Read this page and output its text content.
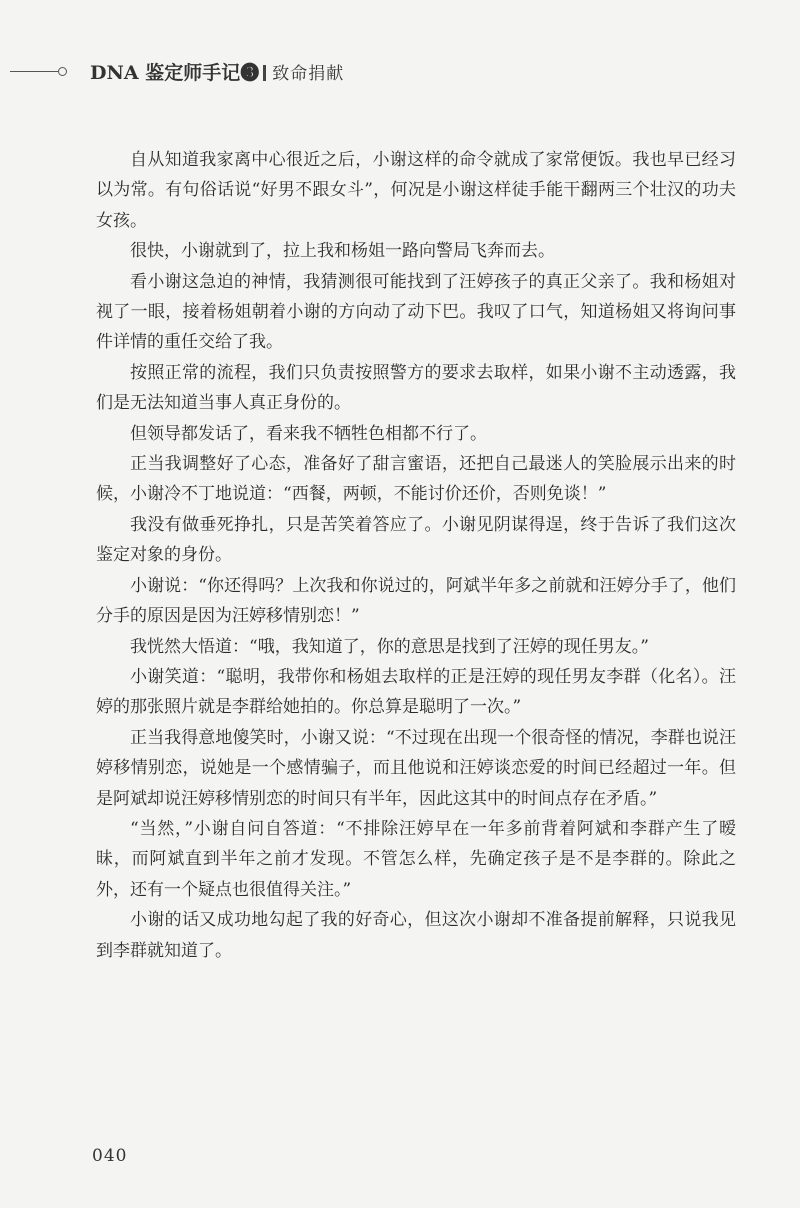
DNA 鉴定师手记❸ 致命捐献

自从知道我家离中心很近之后，小谢这样的命令就成了家常便饭。我也早已经习以为常。有句俗话说“好男不跟女斗”，何况是小谢这样徒手能干翻两三个壮汉的功夫女孩。

很快，小谢就到了，拉上我和杨姐一路向警局飞奔而去。

看小谢这急迫的神情，我猜测很可能找到了汪婷孩子的真正父亲了。我和杨姐对视了一眼，接着杨姐朝着小谢的方向动了动下巴。我叹了口气，知道杨姐又将询问事件详情的重任交给了我。

按照正常的流程，我们只负责按照警方的要求去取样，如果小谢不主动透露，我们是无法知道当事人真正身份的。

但领导都发话了，看来我不牺牲色相都不行了。

正当我调整好了心态，准备好了甜言蜜语，还把自己最迷人的笑脸展示出来的时候，小谢冷不丁地说道：“西餐，两顿，不能讨价还价，否则免谈！”

我没有做垂死挣扎，只是苦笑着答应了。小谢见阴谋得逞，终于告诉了我们这次鉴定对象的身份。

小谢说：“你还得吗？上次我和你说过的，阿斌半年多之前就和汪婷分手了，他们分手的原因是因为汪婷移情别恋！”

我恍然大悟道：“哦，我知道了，你的意思是找到了汪婷的现任男友。”

小谢笑道：“聪明，我带你和杨姐去取样的正是汪婷的现任男友李群（化名）。汪婷的那张照片就是李群给她拍的。你总算是聪明了一次。”

正当我得意地傻笑时，小谢又说：“不过现在出现一个很奇怪的情况，李群也说汪婷移情别恋，说她是一个感情骗子，而且他说和汪婷谈恋爱的时间已经超过一年。但是阿斌却说汪婷移情别恋的时间只有半年，因此这其中的时间点存在矛盾。”

“当然，”小谢自问自答道：“不排除汪婷早在一年多前背着阿斌和李群产生了暧昧，而阿斌直到半年之前才发现。不管怎么样，先确定孩子是不是李群的。除此之外，还有一个疑点也很值得关注。”

小谢的话又成功地勾起了我的好奇心，但这次小谢却不准备提前解释，只说我见到李群就知道了。

040
